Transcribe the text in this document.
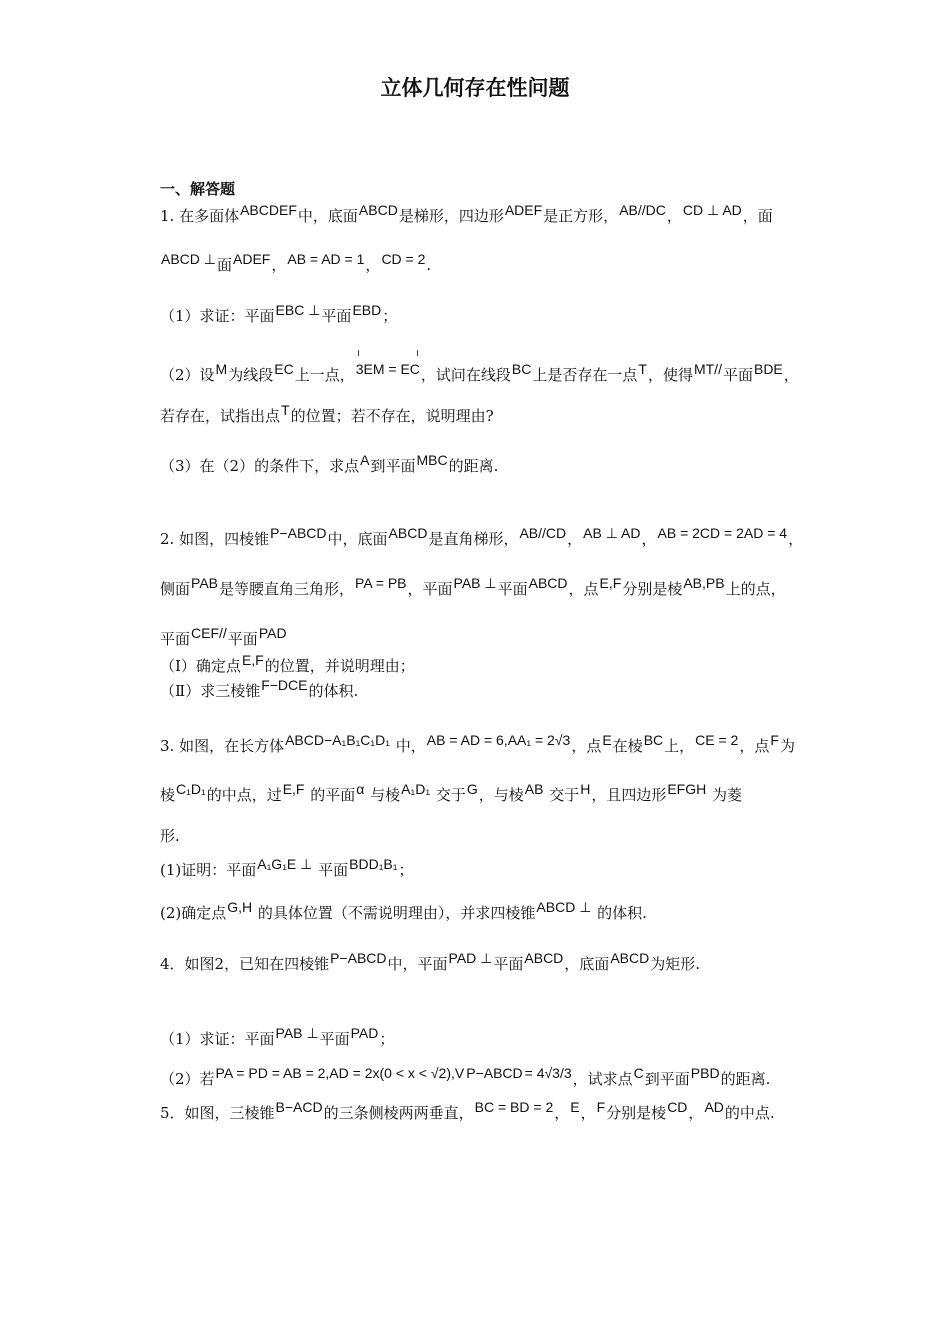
立体几何存在性问题
一、解答题
1. 在多面体ABCDEF中，底面ABCD是梯形，四边形ADEF是正方形，AB//DC，CD ⊥ AD，面
ABCD ⊥面ADEF，AB = AD = 1，CD = 2.
（1）求证：平面EBC ⊥平面EBD；
（2）设M为线段EC上一点，3EM = EC，试问在线段BC上是否存在一点T，使得MT//平面BDE，
若存在，试指出点T的位置；若不存在，说明理由?
（3）在（2）的条件下，求点A到平面MBC的距离.
2. 如图，四棱锥P−ABCD中，底面ABCD是直角梯形，AB//CD，AB ⊥ AD，AB = 2CD = 2AD = 4，
侧面PAB是等腰直角三角形，PA = PB，平面PAB ⊥平面ABCD，点E,F分别是棱AB,PB上的点，
平面CEF//平面PAD
（Ⅰ）确定点E,F的位置，并说明理由；
（Ⅱ）求三棱锥F−DCE的体积.
3. 如图，在长方体ABCD−A₁B₁C₁D₁ 中，AB = AD = 6,AA₁ = 2√3，点E在棱BC上，CE = 2，点F为
棱C₁D₁的中点，过E,F 的平面α 与棱A₁D₁ 交于G，与棱AB 交于H，且四边形EFGH 为菱
形.
(1)证明：平面A₁G₁E ⊥ 平面BDD₁B₁；
(2)确定点G,H 的具体位置（不需说明理由），并求四棱锥ABCD ⊥ 的体积.
4．如图2，已知在四棱锥P−ABCD中，平面PAD ⊥平面ABCD，底面ABCD为矩形.
（1）求证：平面PAB ⊥平面PAD；
（2）若PA = PD = AB = 2,AD = 2x(0 < x < √2),V P−ABCD = 4√3/3，试求点C到平面PBD的距离.
5．如图，三棱锥B−ACD的三条侧棱两两垂直，BC = BD = 2，E，F分别是棱CD，AD的中点.
